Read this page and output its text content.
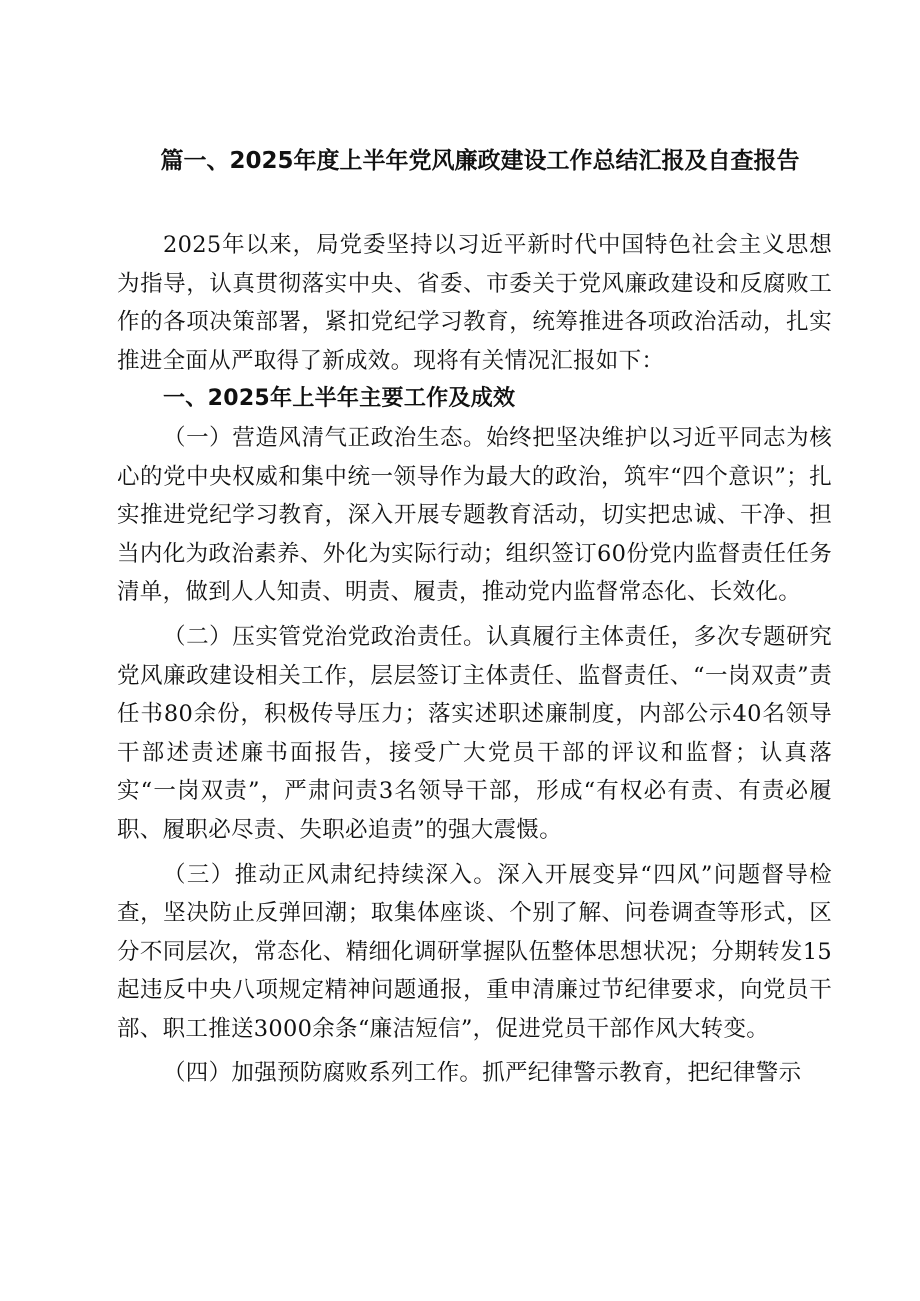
篇一、2025年度上半年党风廉政建设工作总结汇报及自查报告

2025年以来，局党委坚持以习近平新时代中国特色社会主义思想为指导，认真贯彻落实中央、省委、市委关于党风廉政建设和反腐败工作的各项决策部署，紧扣党纪学习教育，统筹推进各项政治活动，扎实推进全面从严取得了新成效。现将有关情况汇报如下：

一、2025年上半年主要工作及成效

（一）营造风清气正政治生态。始终把坚决维护以习近平同志为核心的党中央权威和集中统一领导作为最大的政治，筑牢“四个意识”；扎实推进党纪学习教育，深入开展专题教育活动，切实把忠诚、干净、担当内化为政治素养、外化为实际行动；组织签订60份党内监督责任任务清单，做到人人知责、明责、履责，推动党内监督常态化、长效化。

（二）压实管党治党政治责任。认真履行主体责任，多次专题研究党风廉政建设相关工作，层层签订主体责任、监督责任、“一岗双责”责任书80余份，积极传导压力；落实述职述廉制度，内部公示40名领导干部述责述廉书面报告，接受广大党员干部的评议和监督；认真落实“一岗双责”，严肃问责3名领导干部，形成“有权必有责、有责必履职、履职必尽责、失职必追责”的强大震慑。

（三）推动正风肃纪持续深入。深入开展变异“四风”问题督导检查，坚决防止反弹回潮；取集体座谈、个别了解、问卷调查等形式，区分不同层次，常态化、精细化调研掌握队伍整体思想状况；分期转发15起违反中央八项规定精神问题通报，重申清廉过节纪律要求，向党员干部、职工推送3000余条“廉洁短信”，促进党员干部作风大转变。

（四）加强预防腐败系列工作。抓严纪律警示教育，把纪律警示
